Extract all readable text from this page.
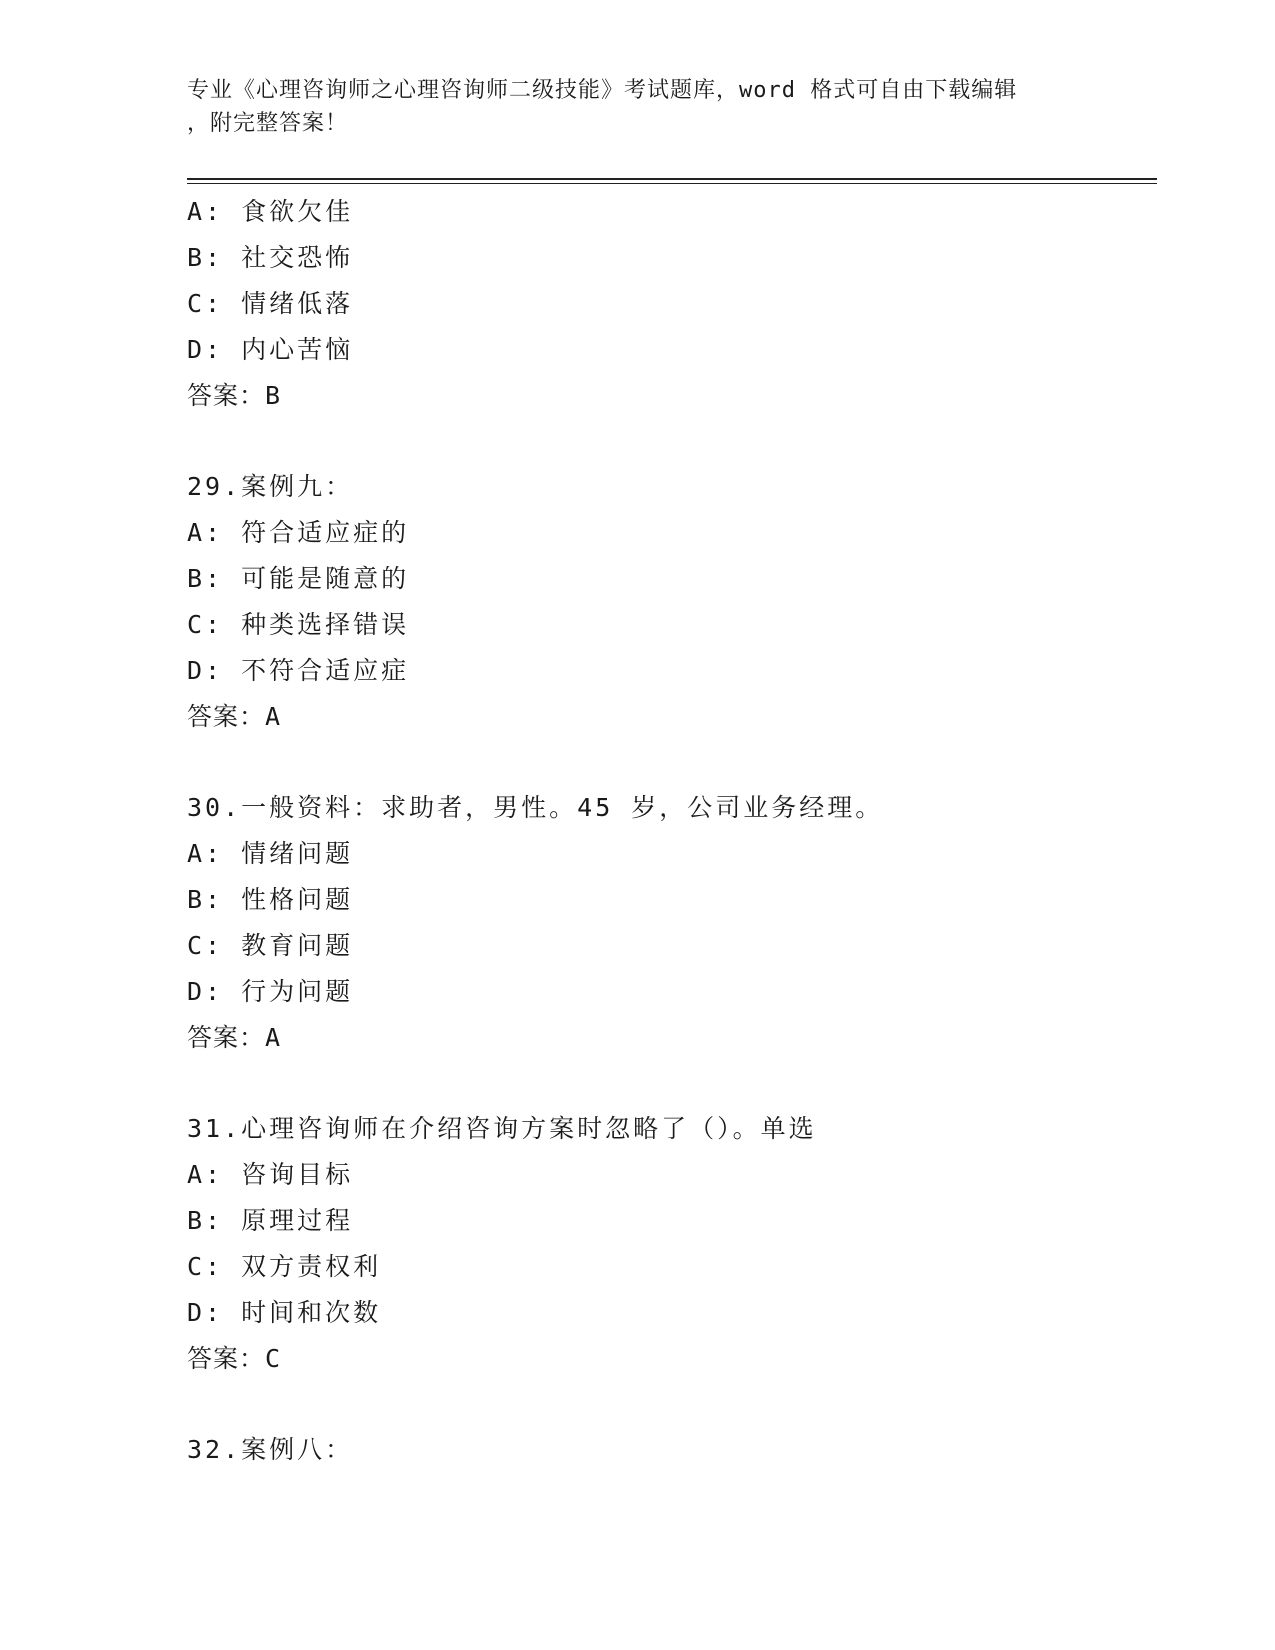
专业《心理咨询师之心理咨询师二级技能》考试题库，word 格式可自由下载编辑
，附完整答案！
A: 食欲欠佳
B: 社交恐怖
C: 情绪低落
D: 内心苦恼
答案：B
29.案例九：
A: 符合适应症的
B: 可能是随意的
C: 种类选择错误
D: 不符合适应症
答案：A
30.一般资料：求助者，男性。45 岁，公司业务经理。
A: 情绪问题
B: 性格问题
C: 教育问题
D: 行为问题
答案：A
31.心理咨询师在介绍咨询方案时忽略了（）。单选
A: 咨询目标
B: 原理过程
C: 双方责权利
D: 时间和次数
答案：C
32.案例八：
